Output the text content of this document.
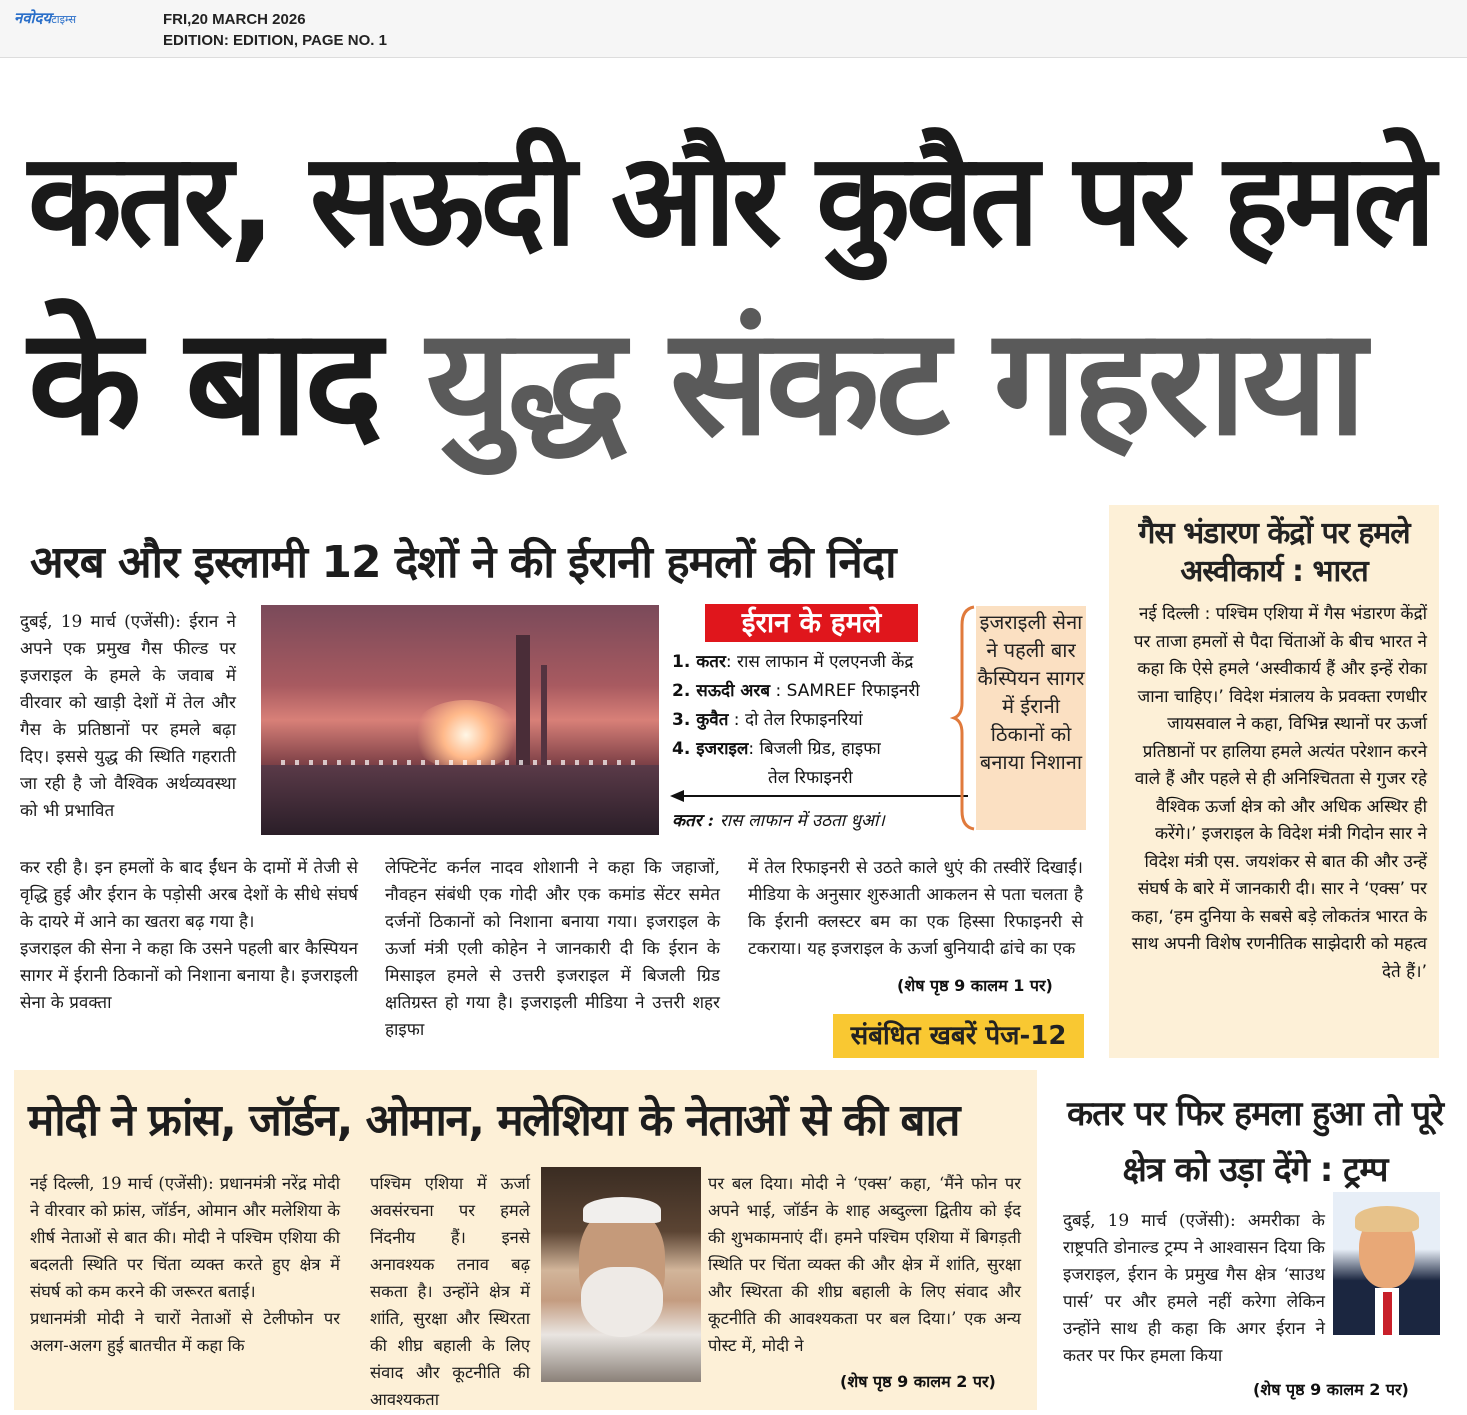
नवोदयटाइम्स	FRI,20 MARCH 2026
EDITION: EDITION, PAGE NO. 1
कतर, सऊदी और कुवैत पर हमले
के बाद युद्ध संकट गहराया
अरब और इस्लामी 12 देशों ने की ईरानी हमलों की निंदा
दुबई, 19 मार्च (एजेंसी): ईरान ने अपने एक प्रमुख गैस फील्ड पर इजराइल के हमले के जवाब में वीरवार को खाड़ी देशों में तेल और गैस के प्रतिष्ठानों पर हमले बढ़ा दिए। इससे युद्ध की स्थिति गहराती जा रही है जो वैश्विक अर्थव्यवस्था को भी प्रभावित
कर रही है। इन हमलों के बाद ईंधन के दामों में तेजी से वृद्धि हुई और ईरान के पड़ोसी अरब देशों के सीधे संघर्ष के दायरे में आने का खतरा बढ़ गया है।
इजराइल की सेना ने कहा कि उसने पहली बार कैस्पियन सागर में ईरानी ठिकानों को निशाना बनाया है। इजराइली सेना के प्रवक्ता
लेफ्टिनेंट कर्नल नादव शोशानी ने कहा कि जहाजों, नौवहन संबंधी एक गोदी और एक कमांड सेंटर समेत दर्जनों ठिकानों को निशाना बनाया गया। इजराइल के ऊर्जा मंत्री एली कोहेन ने जानकारी दी कि ईरान के मिसाइल हमले से उत्तरी इजराइल में बिजली ग्रिड क्षतिग्रस्त हो गया है। इजराइली मीडिया ने उत्तरी शहर हाइफा
में तेल रिफाइनरी से उठते काले धुएं की तस्वीरें दिखाईं। मीडिया के अनुसार शुरुआती आकलन से पता चलता है कि ईरानी क्लस्टर बम का एक हिस्सा रिफाइनरी से टकराया। यह इजराइल के ऊर्जा बुनियादी ढांचे का एक
(शेष पृष्ठ 9 कालम 1 पर)
संबंधित खबरें पेज-12
ईरान के हमले
1. कतर: रास लाफान में एलएनजी केंद्र
2. सऊदी अरब : SAMREF रिफाइनरी
3. कुवैत : दो तेल रिफाइनरियां
4. इजराइल: बिजली ग्रिड, हाइफा
तेल रिफाइनरी
कतर : रास लाफान में उठता धुआं।
इजराइली सेना ने पहली बार कैस्पियन सागर में ईरानी ठिकानों को बनाया निशाना
गैस भंडारण केंद्रों पर हमले अस्वीकार्य : भारत
नई दिल्ली : पश्चिम एशिया में गैस भंडारण केंद्रों पर ताजा हमलों से पैदा चिंताओं के बीच भारत ने कहा कि ऐसे हमले ‘अस्वीकार्य हैं और इन्हें रोका जाना चाहिए।’ विदेश मंत्रालय के प्रवक्ता रणधीर जायसवाल ने कहा, विभिन्न स्थानों पर ऊर्जा प्रतिष्ठानों पर हालिया हमले अत्यंत परेशान करने वाले हैं और पहले से ही अनिश्चितता से गुजर रहे वैश्विक ऊर्जा क्षेत्र को और अधिक अस्थिर ही करेंगे।’ इजराइल के विदेश मंत्री गिदोन सार ने विदेश मंत्री एस. जयशंकर से बात की और उन्हें संघर्ष के बारे में जानकारी दी। सार ने ‘एक्स’ पर कहा, ‘हम दुनिया के सबसे बड़े लोकतंत्र भारत के साथ अपनी विशेष रणनीतिक साझेदारी को महत्व देते हैं।’
मोदी ने फ्रांस, जॉर्डन, ओमान, मलेशिया के नेताओं से की बात
नई दिल्ली, 19 मार्च (एजेंसी): प्रधानमंत्री नरेंद्र मोदी ने वीरवार को फ्रांस, जॉर्डन, ओमान और मलेशिया के शीर्ष नेताओं से बात की। मोदी ने पश्चिम एशिया की बदलती स्थिति पर चिंता व्यक्त करते हुए क्षेत्र में संघर्ष को कम करने की जरूरत बताई।
प्रधानमंत्री मोदी ने चारों नेताओं से टेलीफोन पर अलग-अलग हुई बातचीत में कहा कि
पश्चिम एशिया में ऊर्जा अवसंरचना पर हमले निंदनीय हैं। इनसे अनावश्यक तनाव बढ़ सकता है। उन्होंने क्षेत्र में शांति, सुरक्षा और स्थिरता की शीघ्र बहाली के लिए संवाद और कूटनीति की आवश्यकता
पर बल दिया। मोदी ने ‘एक्स’ कहा, ‘मैंने फोन पर अपने भाई, जॉर्डन के शाह अब्दुल्ला द्वितीय को ईद की शुभकामनाएं दीं। हमने पश्चिम एशिया में बिगड़ती स्थिति पर चिंता व्यक्त की और क्षेत्र में शांति, सुरक्षा और स्थिरता की शीघ्र बहाली के लिए संवाद और कूटनीति की आवश्यकता पर बल दिया।’ एक अन्य पोस्ट में, मोदी ने
(शेष पृष्ठ 9 कालम 2 पर)
कतर पर फिर हमला हुआ तो पूरे क्षेत्र को उड़ा देंगे : ट्रम्प
दुबई, 19 मार्च (एजेंसी): अमरीका के राष्ट्रपति डोनाल्ड ट्रम्प ने आश्वासन दिया कि इजराइल, ईरान के प्रमुख गैस क्षेत्र ‘साउथ पार्स’ पर और हमले नहीं करेगा लेकिन उन्होंने साथ ही कहा कि अगर ईरान ने कतर पर फिर हमला किया
(शेष पृष्ठ 9 कालम 2 पर)
